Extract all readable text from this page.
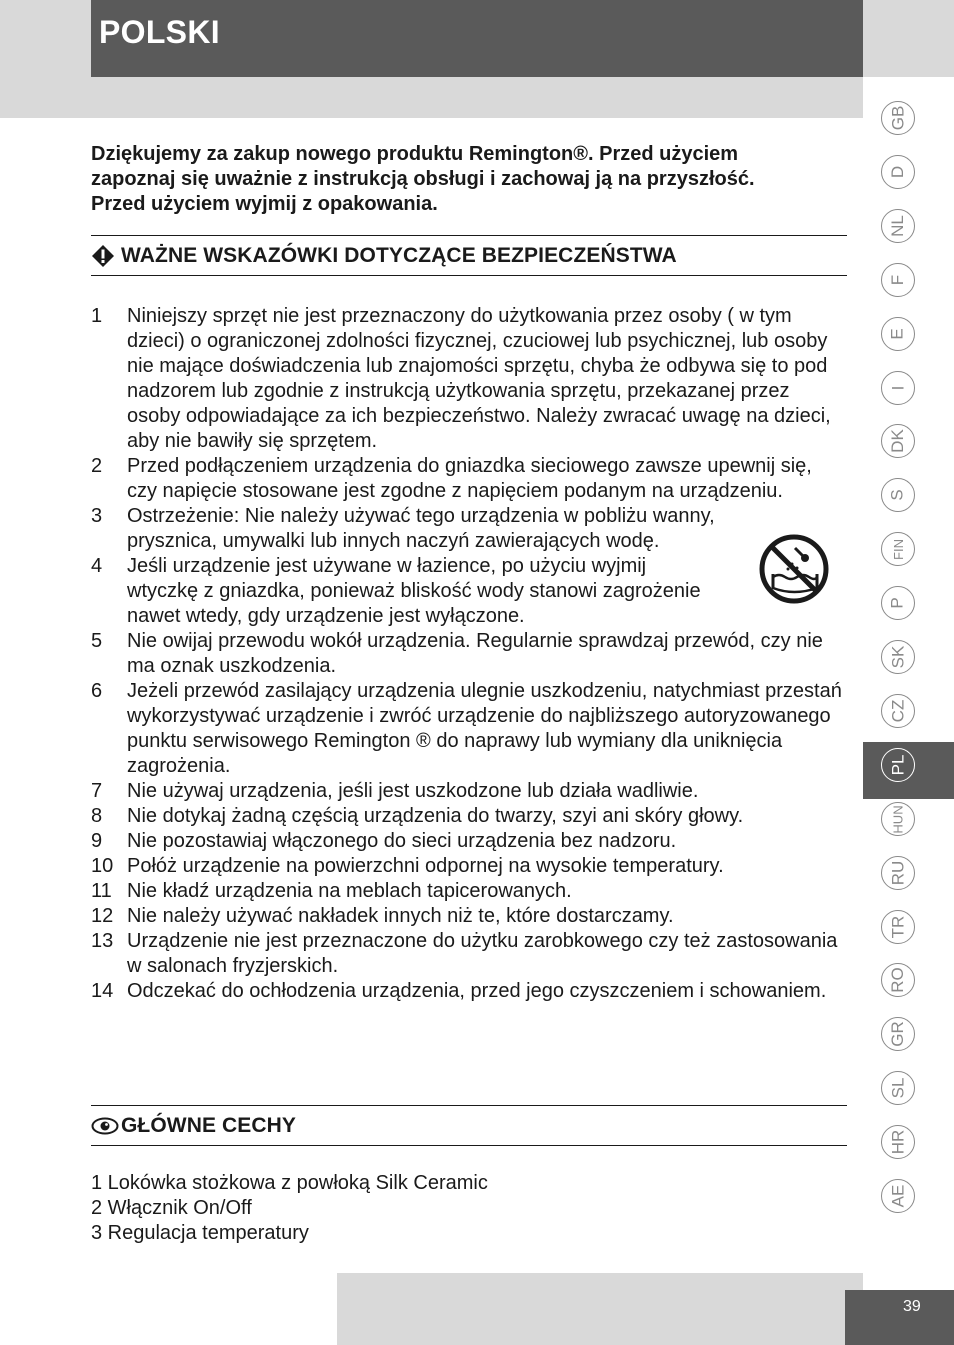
POLSKI
Dziękujemy za zakup nowego produktu Remington®. Przed użyciem zapoznaj się uważnie z instrukcją obsługi i zachowaj ją na przyszłość. Przed użyciem wyjmij z opakowania.
WAŻNE WSKAZÓWKI DOTYCZĄCE BEZPIECZEŃSTWA
1 Niniejszy sprzęt nie jest przeznaczony do użytkowania przez osoby ( w tym dzieci) o ograniczonej zdolności fizycznej, czuciowej lub psychicznej, lub osoby nie mające doświadczenia lub znajomości sprzętu, chyba że odbywa się to pod nadzorem lub zgodnie z instrukcją użytkowania sprzętu, przekazanej przez osoby odpowiadające za ich bezpieczeństwo. Należy zwracać uwagę na dzieci, aby nie bawiły się sprzętem.
2 Przed podłączeniem urządzenia do gniazdka sieciowego zawsze upewnij się, czy napięcie stosowane jest zgodne z napięciem podanym na urządzeniu.
3 Ostrzeżenie: Nie należy używać tego urządzenia w pobliżu wanny, prysznica, umywalki lub innych naczyń zawierających wodę.
4 Jeśli urządzenie jest używane w łazience, po użyciu wyjmij wtyczkę z gniazdka, ponieważ bliskość wody stanowi zagrożenie nawet wtedy, gdy urządzenie jest wyłączone.
5 Nie owijaj przewodu wokół urządzenia. Regularnie sprawdzaj przewód, czy nie ma oznak uszkodzenia.
6 Jeżeli przewód zasilający urządzenia ulegnie uszkodzeniu, natychmiast przestań wykorzystywać urządzenie i zwróć urządzenie do najbliższego autoryzowanego punktu serwisowego Remington ® do naprawy lub wymiany dla uniknięcia zagrożenia.
7 Nie używaj urządzenia, jeśli jest uszkodzone lub działa wadliwie.
8 Nie dotykaj żadną częścią urządzenia do twarzy, szyi ani skóry głowy.
9 Nie pozostawiaj włączonego do sieci urządzenia bez nadzoru.
10 Połóż urządzenie na powierzchni odpornej na wysokie temperatury.
11 Nie kładź urządzenia na meblach tapicerowanych.
12 Nie należy używać nakładek innych niż te, które dostarczamy.
13 Urządzenie nie jest przeznaczone do użytku zarobkowego czy też zastosowania w salonach fryzjerskich.
14 Odczekać do ochłodzenia urządzenia, przed jego czyszczeniem i schowaniem.
GŁÓWNE CECHY
1 Lokówka stożkowa z powłoką Silk Ceramic
2 Włącznik On/Off
3 Regulacja temperatury
GB
D
NL
F
E
I
DK
S
FIN
P
SK
CZ
PL
HUN
RU
TR
RO
GR
SL
HR
AE
39
